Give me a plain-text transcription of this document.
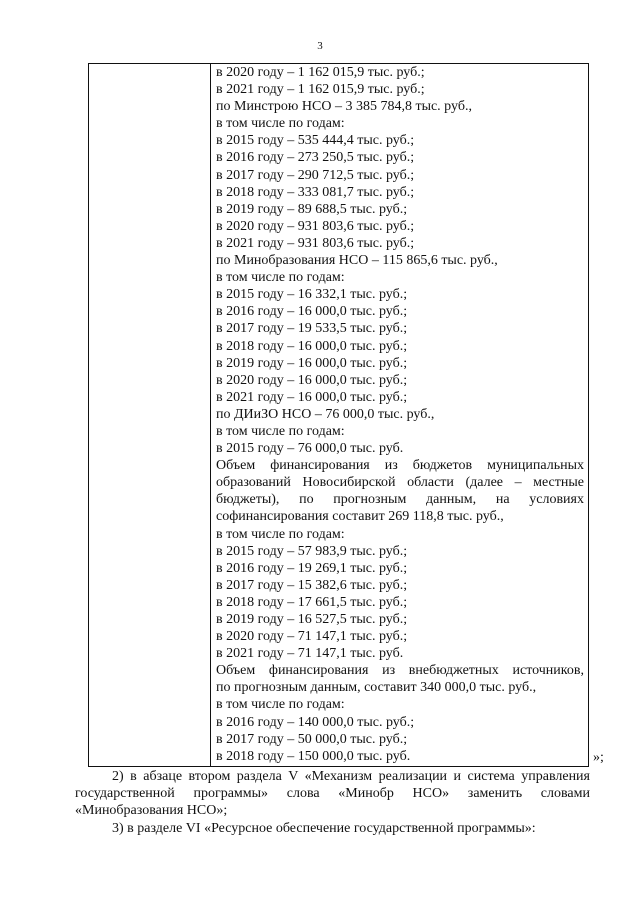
3
в 2020 году – 1 162 015,9 тыс. руб.;
в 2021 году – 1 162 015,9 тыс. руб.;
по Минстрою НСО – 3 385 784,8 тыс. руб.,
в том числе по годам:
в 2015 году – 535 444,4 тыс. руб.;
в 2016 году – 273 250,5 тыс. руб.;
в 2017 году – 290 712,5 тыс. руб.;
в 2018 году – 333 081,7 тыс. руб.;
в 2019 году – 89 688,5 тыс. руб.;
в 2020 году – 931 803,6 тыс. руб.;
в 2021 году – 931 803,6 тыс. руб.;
по Минобразования НСО – 115 865,6 тыс. руб.,
в том числе по годам:
в 2015 году – 16 332,1 тыс. руб.;
в 2016 году – 16 000,0 тыс. руб.;
в 2017 году – 19 533,5 тыс. руб.;
в 2018 году – 16 000,0 тыс. руб.;
в 2019 году – 16 000,0 тыс. руб.;
в 2020 году – 16 000,0 тыс. руб.;
в 2021 году – 16 000,0 тыс. руб.;
по ДИиЗО НСО – 76 000,0 тыс. руб.,
в том числе по годам:
в 2015 году – 76 000,0 тыс. руб.
Объем финансирования из бюджетов муниципальных
образований Новосибирской области (далее – местные
бюджеты), по прогнозным данным, на условиях
софинансирования составит 269 118,8 тыс. руб.,
в том числе по годам:
в 2015 году – 57 983,9 тыс. руб.;
в 2016 году – 19 269,1 тыс. руб.;
в 2017 году – 15 382,6 тыс. руб.;
в 2018 году – 17 661,5 тыс. руб.;
в 2019 году – 16 527,5 тыс. руб.;
в 2020 году – 71 147,1 тыс. руб.;
в 2021 году – 71 147,1 тыс. руб.
Объем финансирования из внебюджетных источников,
по прогнозным данным, составит 340 000,0 тыс. руб.,
в том числе по годам:
в 2016 году – 140 000,0 тыс. руб.;
в 2017 году – 50 000,0 тыс. руб.;
в 2018 году – 150 000,0 тыс. руб.	»;

2) в абзаце втором раздела V «Механизм реализации и система управления
государственной программы» слова «Минобр НСО» заменить словами
«Минобразования НСО»;

3) в разделе VI «Ресурсное обеспечение государственной программы»:
